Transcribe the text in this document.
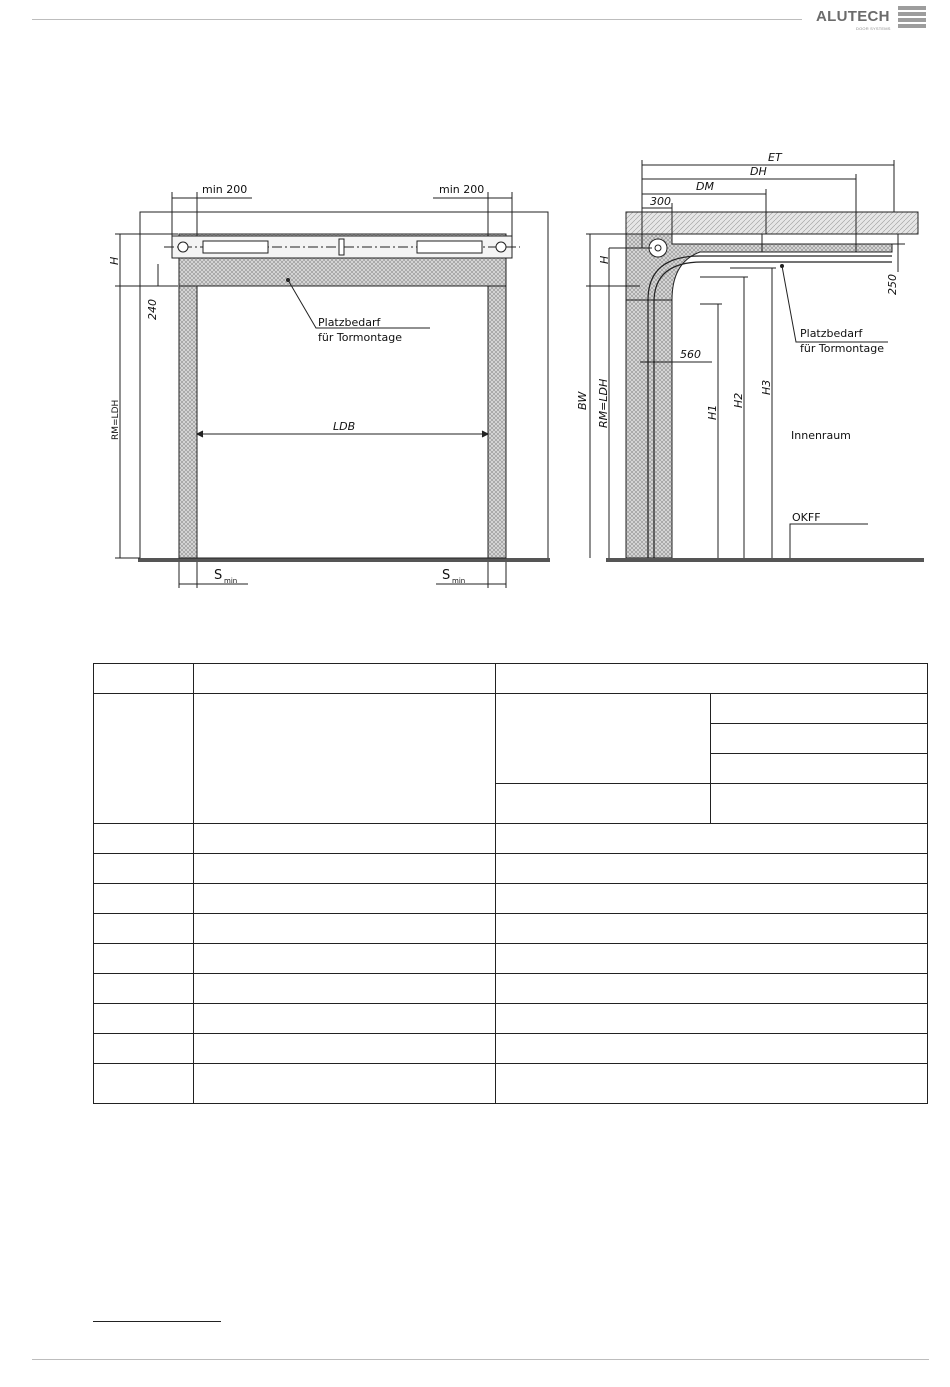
ALUTECH
DOOR SYSTEMS
min 200	min 200
H
240
RM=LDH	LDB
Platzbedarf
für Tormontage
S min	S min
ET
DH
DM
300
H
250
560
BW RM=LDH	H1
H2
H3
Platzbedarf
für Tormontage
Innenraum
OKFF
